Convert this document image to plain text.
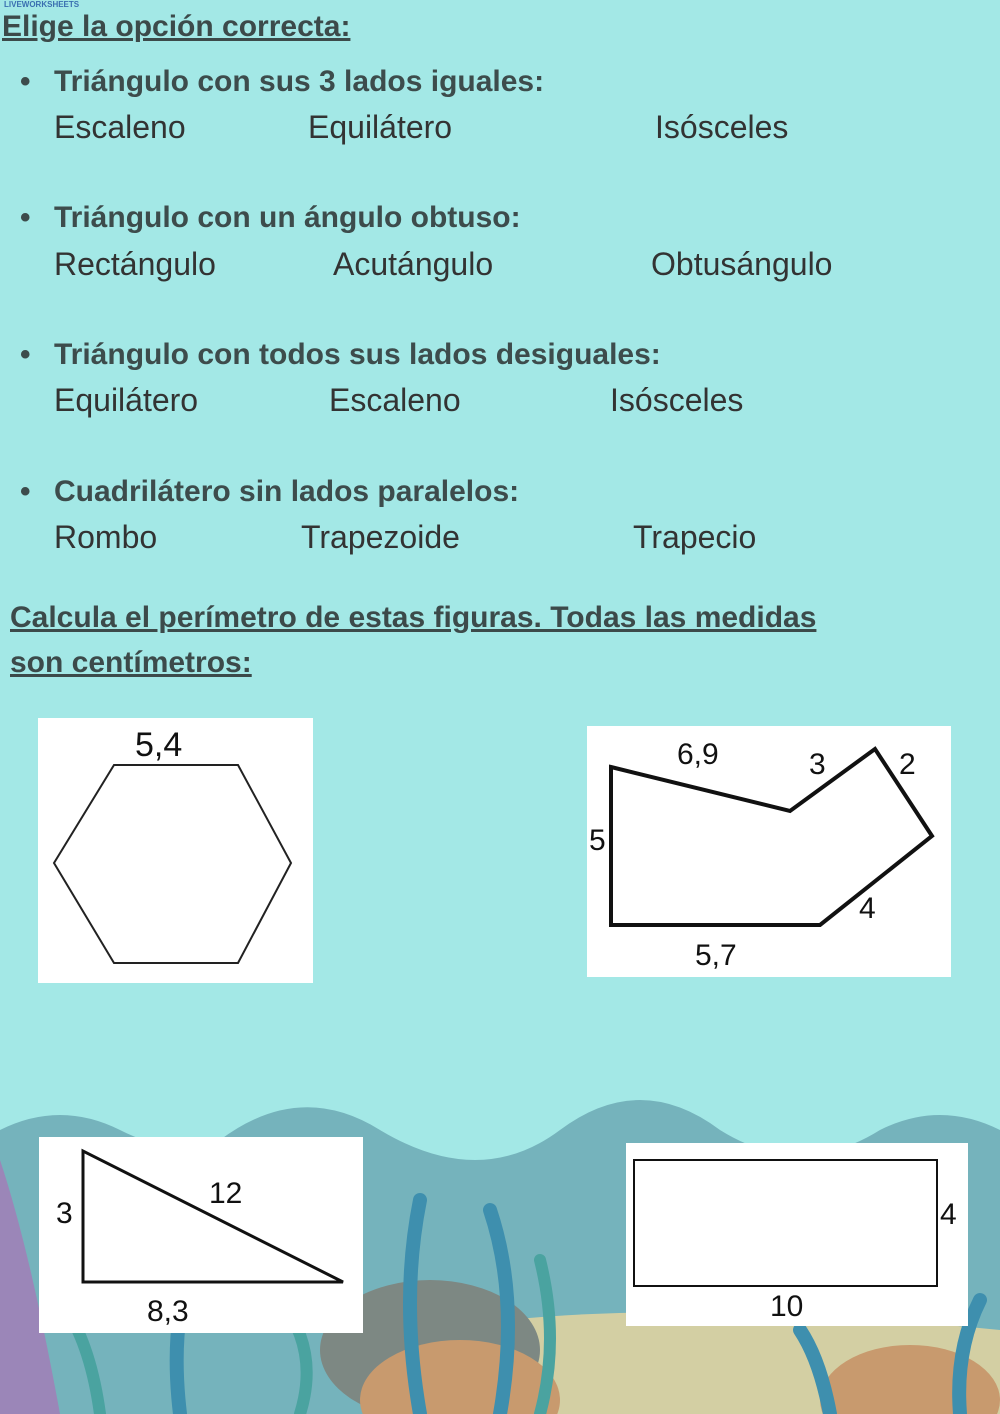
LIVEWORKSHEETS
Elige la opción correcta:
• Triángulo con sus 3 lados iguales:
Escaleno	Equilátero	Isósceles
• Triángulo con un ángulo obtuso:
Rectángulo	Acutángulo	Obtusángulo
• Triángulo con todos sus lados desiguales:
Equilátero	Escaleno	Isósceles
• Cuadrilátero sin lados paralelos:
Rombo	Trapezoide	Trapecio
Calcula el perímetro de estas figuras. Todas las medidas
son centímetros:
5,4	6,9	3 2
5
4
5,7
3
12
8,3
4
10
